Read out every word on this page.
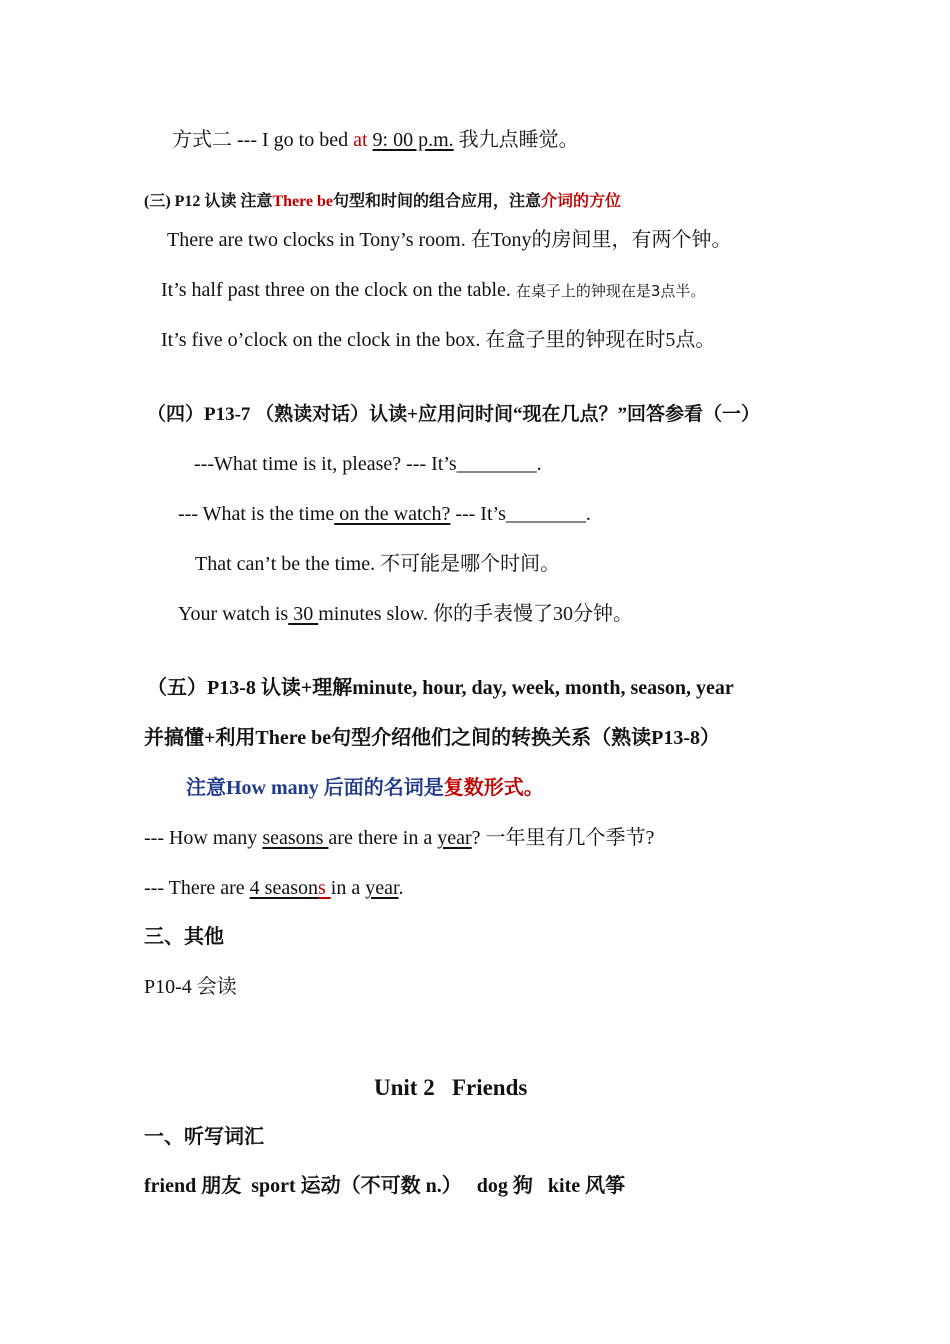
方式二 --- I go to bed at 9: 00 p.m. 我九点睡觉。
(三) P12 认读 注意There be句型和时间的组合应用，注意介词的方位
There are two clocks in Tony’s room. 在Tony的房间里，有两个钟。
It’s half past three on the clock on the table. 在桌子上的钟现在是3点半。
It’s five o’clock on the clock in the box. 在盒子里的钟现在时5点。
（四）P13-7 （熟读对话）认读+应用问时间“现在几点？”回答参看（一）
---What time is it, please? --- It’s________.
--- What is the time on the watch? --- It’s________.
That can’t be the time. 不可能是哪个时间。
Your watch is 30 minutes slow. 你的手表慢了30分钟。
（五）P13-8 认读+理解minute, hour, day, week, month, season, year
并搞懂+利用There be句型介绍他们之间的转换关系（熟读P13-8）
注意How many 后面的名词是复数形式。
--- How many seasons are there in a year? 一年里有几个季节?
--- There are 4 seasons in a year.
三、其他
P10-4 会读
Unit 2   Friends
一、听写词汇
friend 朋友  sport 运动（不可数 n.）   dog 狗   kite 风筝
